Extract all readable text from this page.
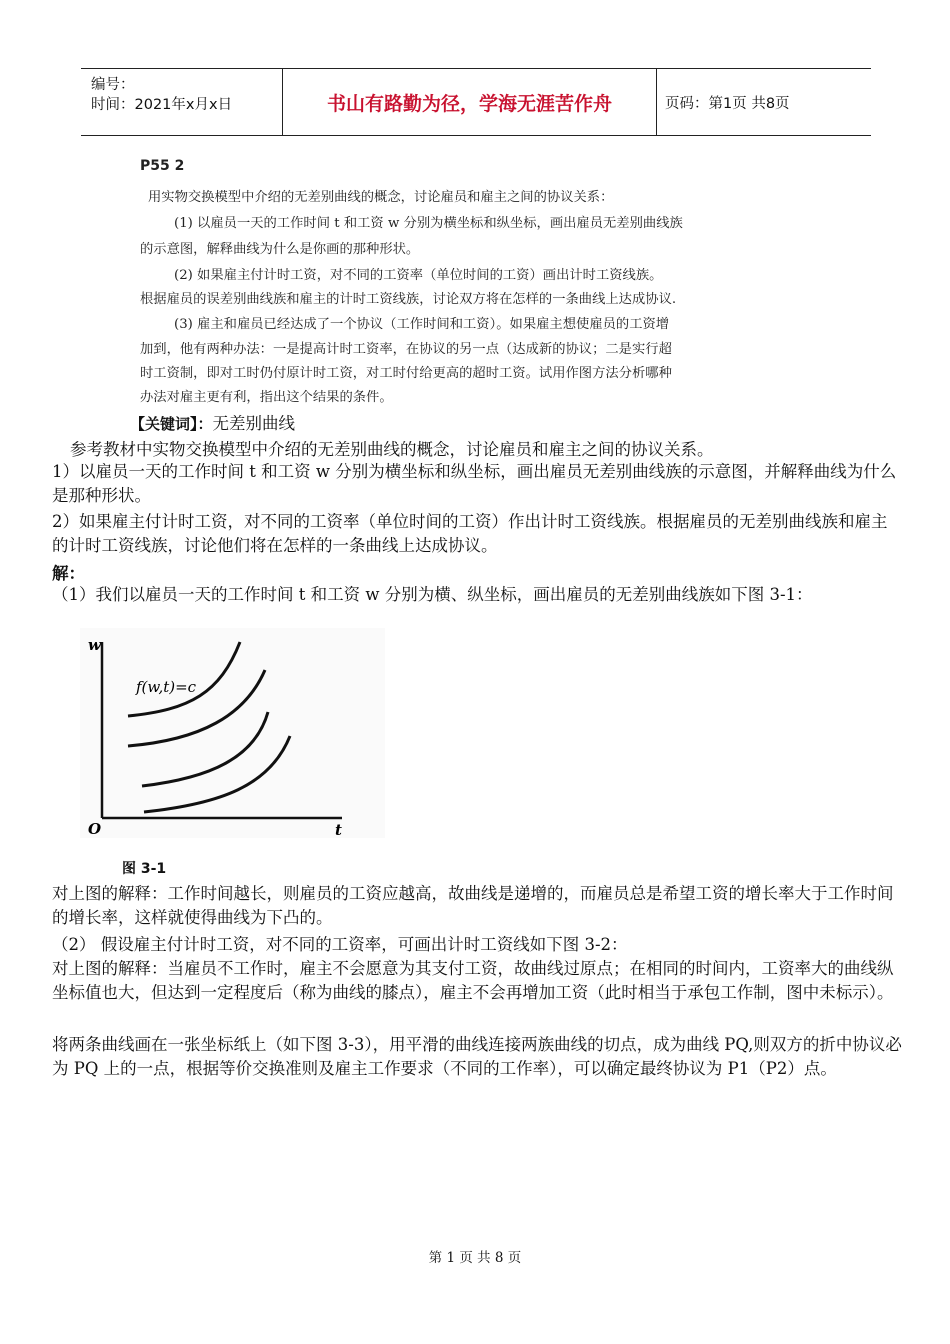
编号：
时间：2021年x月x日	书山有路勤为径，学海无涯苦作舟	页码：第1页 共8页
P55 2
用实物交换模型中介绍的无差别曲线的概念，讨论雇员和雇主之间的协议关系：
(1) 以雇员一天的工作时间 t 和工资 w 分别为横坐标和纵坐标，画出雇员无差别曲线族
的示意图，解释曲线为什么是你画的那种形状。
(2) 如果雇主付计时工资，对不同的工资率（单位时间的工资）画出计时工资线族。
根据雇员的误差别曲线族和雇主的计时工资线族，讨论双方将在怎样的一条曲线上达成协议.
(3) 雇主和雇员已经达成了一个协议（工作时间和工资）。如果雇主想使雇员的工资增
加到，他有两种办法：一是提高计时工资率，在协议的另一点（达成新的协议；二是实行超
时工资制，即对工时仍付原计时工资，对工时付给更高的超时工资。试用作图方法分析哪种
办法对雇主更有利，指出这个结果的条件。
【关键词】：无差别曲线
参考教材中实物交换模型中介绍的无差别曲线的概念，讨论雇员和雇主之间的协议关系。
1）以雇员一天的工作时间 t 和工资 w 分别为横坐标和纵坐标，画出雇员无差别曲线族的示意图，并解释曲线为什么是那种形状。
2）如果雇主付计时工资，对不同的工资率（单位时间的工资）作出计时工资线族。根据雇员的无差别曲线族和雇主的计时工资线族，讨论他们将在怎样的一条曲线上达成协议。
解：
（1）我们以雇员一天的工作时间 t 和工资 w 分别为横、纵坐标，画出雇员的无差别曲线族如下图 3-1：
w
t
O
f(w,t)=c
图 3-1
对上图的解释：工作时间越长，则雇员的工资应越高，故曲线是递增的，而雇员总是希望工资的增长率大于工作时间的增长率，这样就使得曲线为下凸的。
（2） 假设雇主付计时工资，对不同的工资率，可画出计时工资线如下图 3-2：
对上图的解释：当雇员不工作时，雇主不会愿意为其支付工资，故曲线过原点；在相同的时间内，工资率大的曲线纵坐标值也大，但达到一定程度后（称为曲线的膝点），雇主不会再增加工资（此时相当于承包工作制，图中未标示）。
将两条曲线画在一张坐标纸上（如下图 3-3），用平滑的曲线连接两族曲线的切点，成为曲线 PQ,则双方的折中协议必为 PQ 上的一点，根据等价交换准则及雇主工作要求（不同的工作率），可以确定最终协议为 P1（P2）点。
第 1 页 共 8 页
